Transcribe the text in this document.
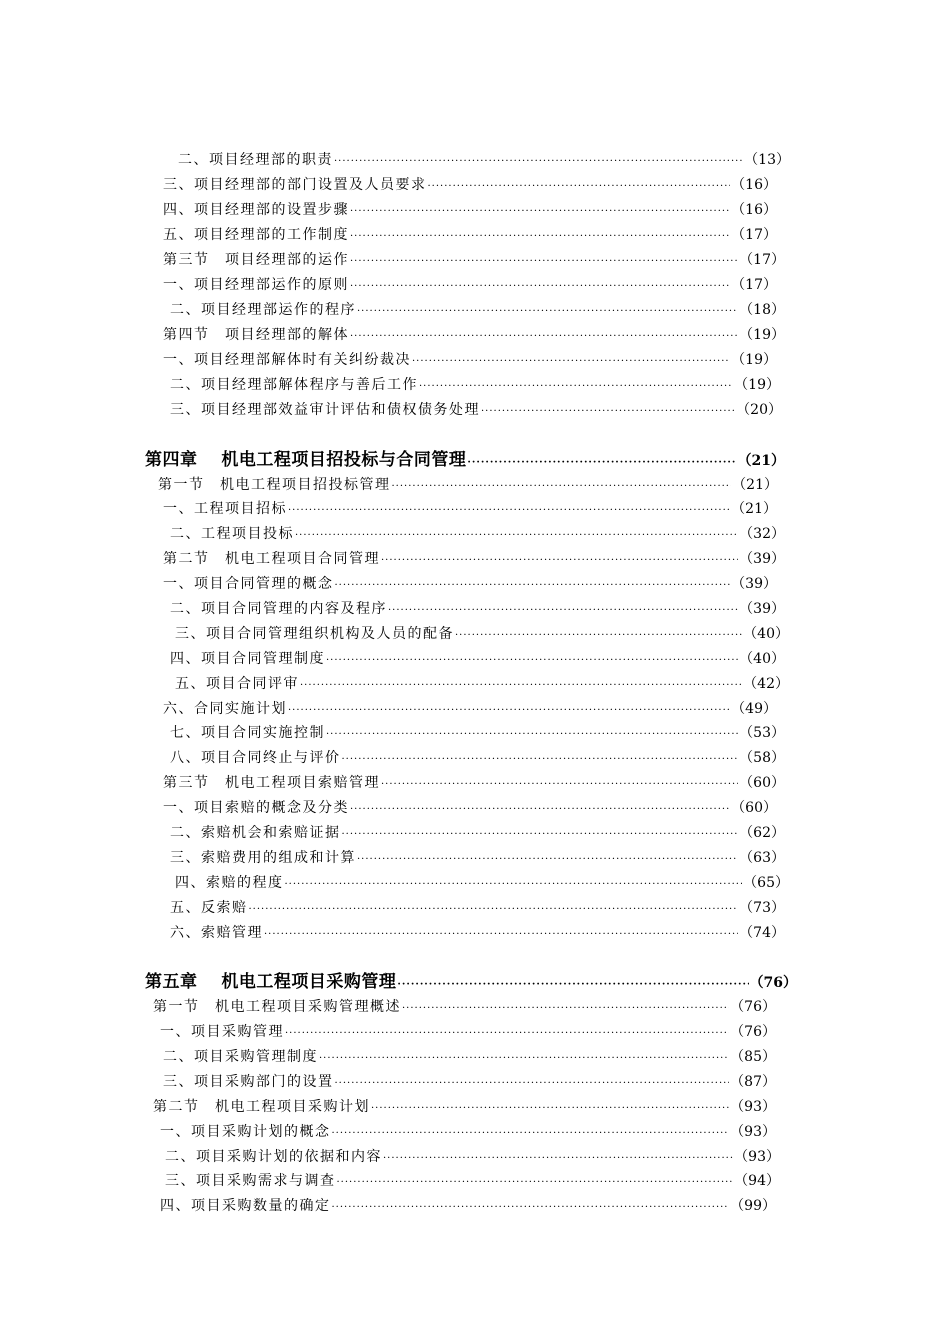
二、项目经理部的职责 ·····	（13）
三、项目经理部的部门设置及人员要求 ·····	（16）
四、项目经理部的设置步骤 ·····	（16）
五、项目经理部的工作制度 ·····	（17）
第三节　项目经理部的运作 ·····	（17）
一、项目经理部运作的原则 ·····	（17）
二、项目经理部运作的程序 ·····	（18）
第四节　项目经理部的解体 ·····	（19）
一、项目经理部解体时有关纠纷裁决 ·····	（19）
二、项目经理部解体程序与善后工作 ·····	（19）
三、项目经理部效益审计评估和债权债务处理 ·····	（20）
第四章　 机电工程项目招投标与合同管理 ·····	（21）
第一节　机电工程项目招投标管理 ·····	（21）
一、工程项目招标 ·····	（21）
二、工程项目投标 ·····	（32）
第二节　机电工程项目合同管理 ·····	（39）
一、项目合同管理的概念 ·····	（39）
二、项目合同管理的内容及程序 ·····	（39）
三、项目合同管理组织机构及人员的配备 ·····	（40）
四、项目合同管理制度 ·····	（40）
五、项目合同评审 ·····	（42）
六、合同实施计划 ·····	（49）
七、项目合同实施控制 ·····	（53）
八、项目合同终止与评价 ·····	（58）
第三节　机电工程项目索赔管理 ·····	（60）
一、项目索赔的概念及分类 ·····	（60）
二、索赔机会和索赔证据 ·····	（62）
三、索赔费用的组成和计算 ·····	（63）
四、索赔的程度 ·····	（65）
五、反索赔 ·····	（73）
六、索赔管理 ·····	（74）
第五章　 机电工程项目采购管理 ·····	（76）
第一节　机电工程项目采购管理概述 ·····	（76）
一、项目采购管理 ·····	（76）
二、项目采购管理制度 ·····	（85）
三、项目采购部门的设置 ·····	（87）
第二节　机电工程项目采购计划 ·····	（93）
一、项目采购计划的概念 ·····	（93）
二、项目采购计划的依据和内容 ·····	（93）
三、项目采购需求与调查 ·····	（94）
四、项目采购数量的确定 ·····	（99）
